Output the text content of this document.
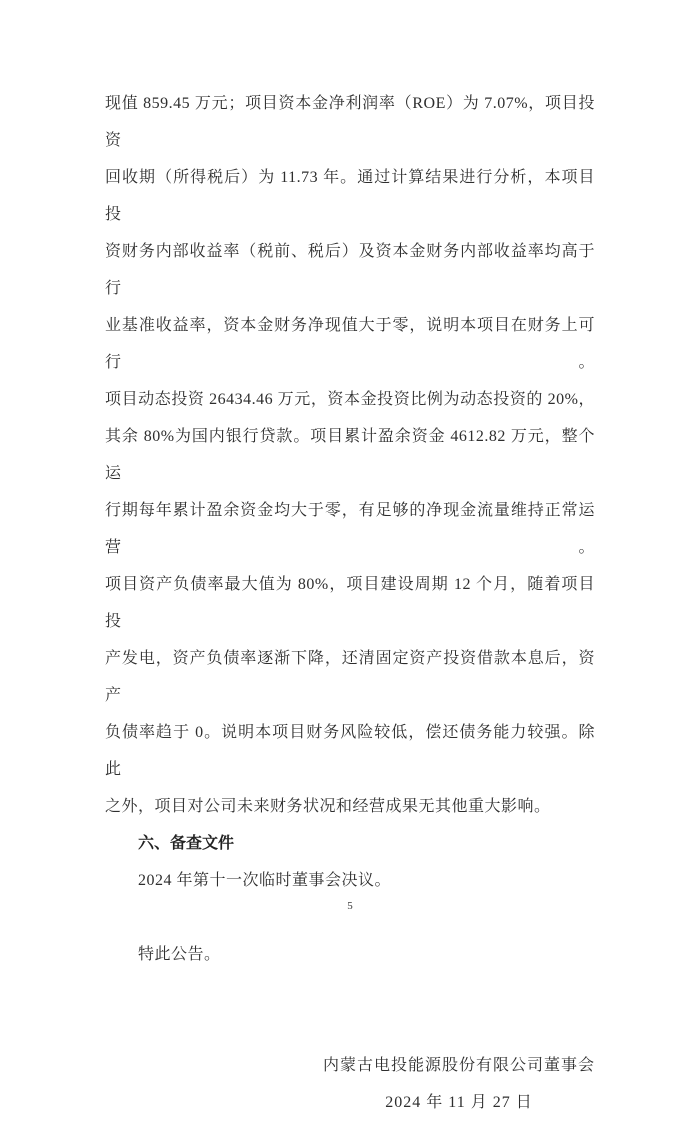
现值 859.45 万元；项目资本金净利润率（ROE）为 7.07%，项目投资
回收期（所得税后）为 11.73 年。通过计算结果进行分析，本项目投
资财务内部收益率（税前、税后）及资本金财务内部收益率均高于行
业基准收益率，资本金财务净现值大于零，说明本项目在财务上可行。
项目动态投资 26434.46 万元，资本金投资比例为动态投资的 20%，
其余 80%为国内银行贷款。项目累计盈余资金 4612.82 万元，整个运
行期每年累计盈余资金均大于零，有足够的净现金流量维持正常运营。
项目资产负债率最大值为 80%，项目建设周期 12 个月，随着项目投
产发电，资产负债率逐渐下降，还清固定资产投资借款本息后，资产
负债率趋于 0。说明本项目财务风险较低，偿还债务能力较强。除此
之外，项目对公司未来财务状况和经营成果无其他重大影响。
六、备查文件
2024 年第十一次临时董事会决议。
特此公告。
内蒙古电投能源股份有限公司董事会
2024 年 11 月 27 日
5
